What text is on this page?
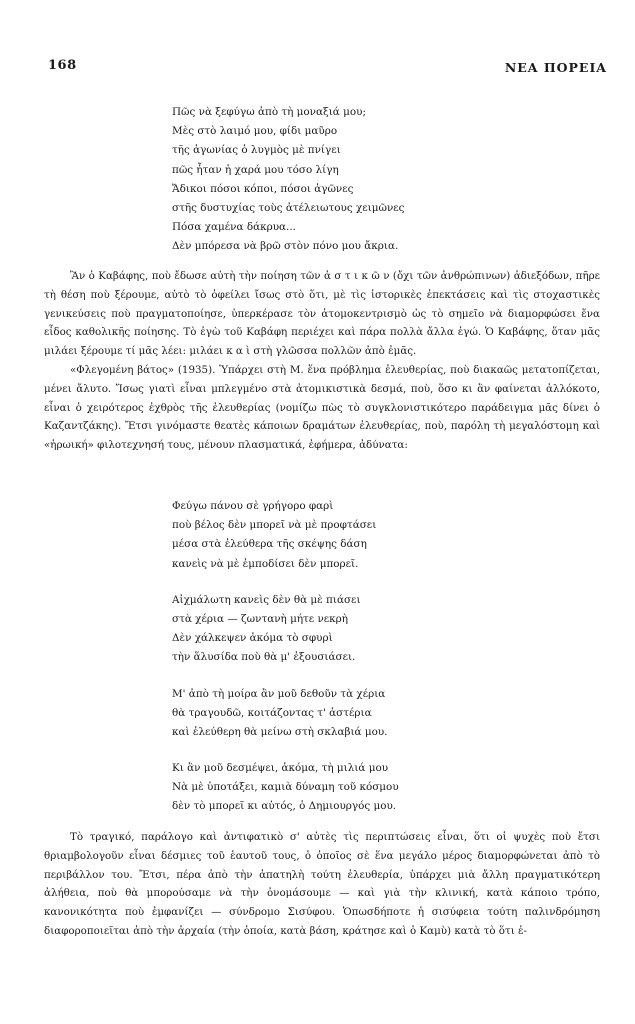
168	ΝΕΑ ΠΟΡΕΙΑ
Πῶς νὰ ξεφύγω ἀπὸ τὴ μοναξιά μου;
Μὲς στὸ λαιμό μου, φίδι μαῦρο
τῆς ἀγωνίας ὁ λυγμὸς μὲ πνίγει
πῶς ἦταν ἡ χαρά μου τόσο λίγη
Ἄδικοι πόσοι κόποι, πόσοι ἀγῶνες
στῆς δυστυχίας τοὺς ἀτέλειωτους χειμῶνες
Πόσα χαμένα δάκρυα...
Δὲν μπόρεσα νὰ βρῶ στὸν πόνο μου ἄκρια.

Ἂν ὁ Καβάφης, ποὺ ἔδωσε αὐτὴ τὴν ποίηση τῶν ἀ σ τ ι κ ῶ ν (ὄχι τῶν ἀνθρώπινων) ἀδιεξόδων, πῆρε τὴ θέση ποὺ ξέρουμε, αὐτὸ τὸ ὀφείλει ἴσως στὸ ὅτι, μὲ τὶς ἱστορικὲς ἐπεκτάσεις καὶ τὶς στοχαστικὲς γενικεύσεις ποὺ πραγματοποίησε, ὑπερκέρασε τὸν ἀτομοκεντρισμὸ ὡς τὸ σημεῖο νὰ διαμορφώσει ἕνα εἶδος καθολικῆς ποίησης. Τὸ ἐγὼ τοῦ Καβάφη περιέχει καὶ πάρα πολλὰ ἄλλα ἐγώ. Ὁ Καβάφης, ὅταν μᾶς μιλάει ξέρουμε τί μᾶς λέει: μιλάει κ α ὶ στὴ γλῶσσα πολλῶν ἀπὸ ἐμᾶς.

«Φλεγομένη βάτος» (1935). Ὑπάρχει στὴ Μ. ἕνα πρόβλημα ἐλευθερίας, ποὺ διακαῶς μετατοπίζεται, μένει ἄλυτο. Ἴσως γιατὶ εἶναι μπλεγμένο στὰ ἀτομικιστικὰ δεσμά, ποὺ, ὅσο κι ἂν φαίνεται ἀλλόκοτο, εἶναι ὁ χειρότερος ἐχθρὸς τῆς ἐλευθερίας (νομίζω πὼς τὸ συγκλονιστικότερο παράδειγμα μᾶς δίνει ὁ Καζαντζάκης). Ἔτσι γινόμαστε θεατὲς κάποιων δραμάτων ἐλευθερίας, ποὺ, παρόλη τὴ μεγαλόστομη καὶ «ἡρωική» φιλοτεχνησή τους, μένουν πλασματικά, ἐφήμερα, ἀδύνατα:

Φεύγω πάνου σὲ γρήγορο φαρὶ
ποὺ βέλος δὲν μπορεῖ νὰ μὲ προφτάσει
μέσα στὰ ἐλεύθερα τῆς σκέψης δάση
κανεὶς νὰ μὲ ἐμποδίσει δὲν μπορεῖ.
Αἰχμάλωτη κανεὶς δὲν θὰ μὲ πιάσει
στὰ χέρια — ζωντανὴ μήτε νεκρὴ
Δὲν χάλκεψεν ἀκόμα τὸ σφυρὶ
τὴν ἅλυσίδα ποὺ θὰ μ' ἐξουσιάσει.
Μ' ἀπὸ τὴ μοίρα ἂν μοῦ δεθοῦν τὰ χέρια
θὰ τραγουδῶ, κοιτάζοντας τ' ἀστέρια
καὶ ἐλεύθερη θὰ μείνω στὴ σκλαβιά μου.
Κι ἂν μοῦ δεσμέψει, ἀκόμα, τὴ μιλιά μου
Νὰ μὲ ὑποτάξει, καμιὰ δύναμη τοῦ κόσμου
δὲν τὸ μπορεῖ κι αὐτός, ὁ Δημιουργός μου.

Τὸ τραγικό, παράλογο καὶ ἀντιφατικὸ σ' αὐτὲς τὶς περιπτώσεις εἶναι, ὅτι οἱ ψυχὲς ποὺ ἔτσι θριαμβολογοῦν εἶναι δέσμιες τοῦ ἑαυτοῦ τους, ὁ ὁποῖος σὲ ἕνα μεγάλο μέρος διαμορφώνεται ἀπὸ τὸ περιβάλλον του. Ἔτσι, πέρα ἀπὸ τὴν ἀπατηλὴ τούτη ἐλευθερία, ὑπάρχει μιὰ ἄλλη πραγματικότερη ἀλήθεια, ποὺ θὰ μπορούσαμε νὰ τὴν ὀνομάσουμε — καὶ γιὰ τὴν κλινική, κατὰ κάποιο τρόπο, κανονικότητα ποὺ ἐμφανίζει — σύνδρομο Σισύφου. Ὁπωσδήποτε ἡ σισύφεια τούτη παλινδρόμηση διαφοροποιεῖται ἀπὸ τὴν ἀρχαία (τὴν ὁποία, κατὰ βάση, κράτησε καὶ ὁ Καμὺ) κατὰ τὸ ὅτι ἐ-
